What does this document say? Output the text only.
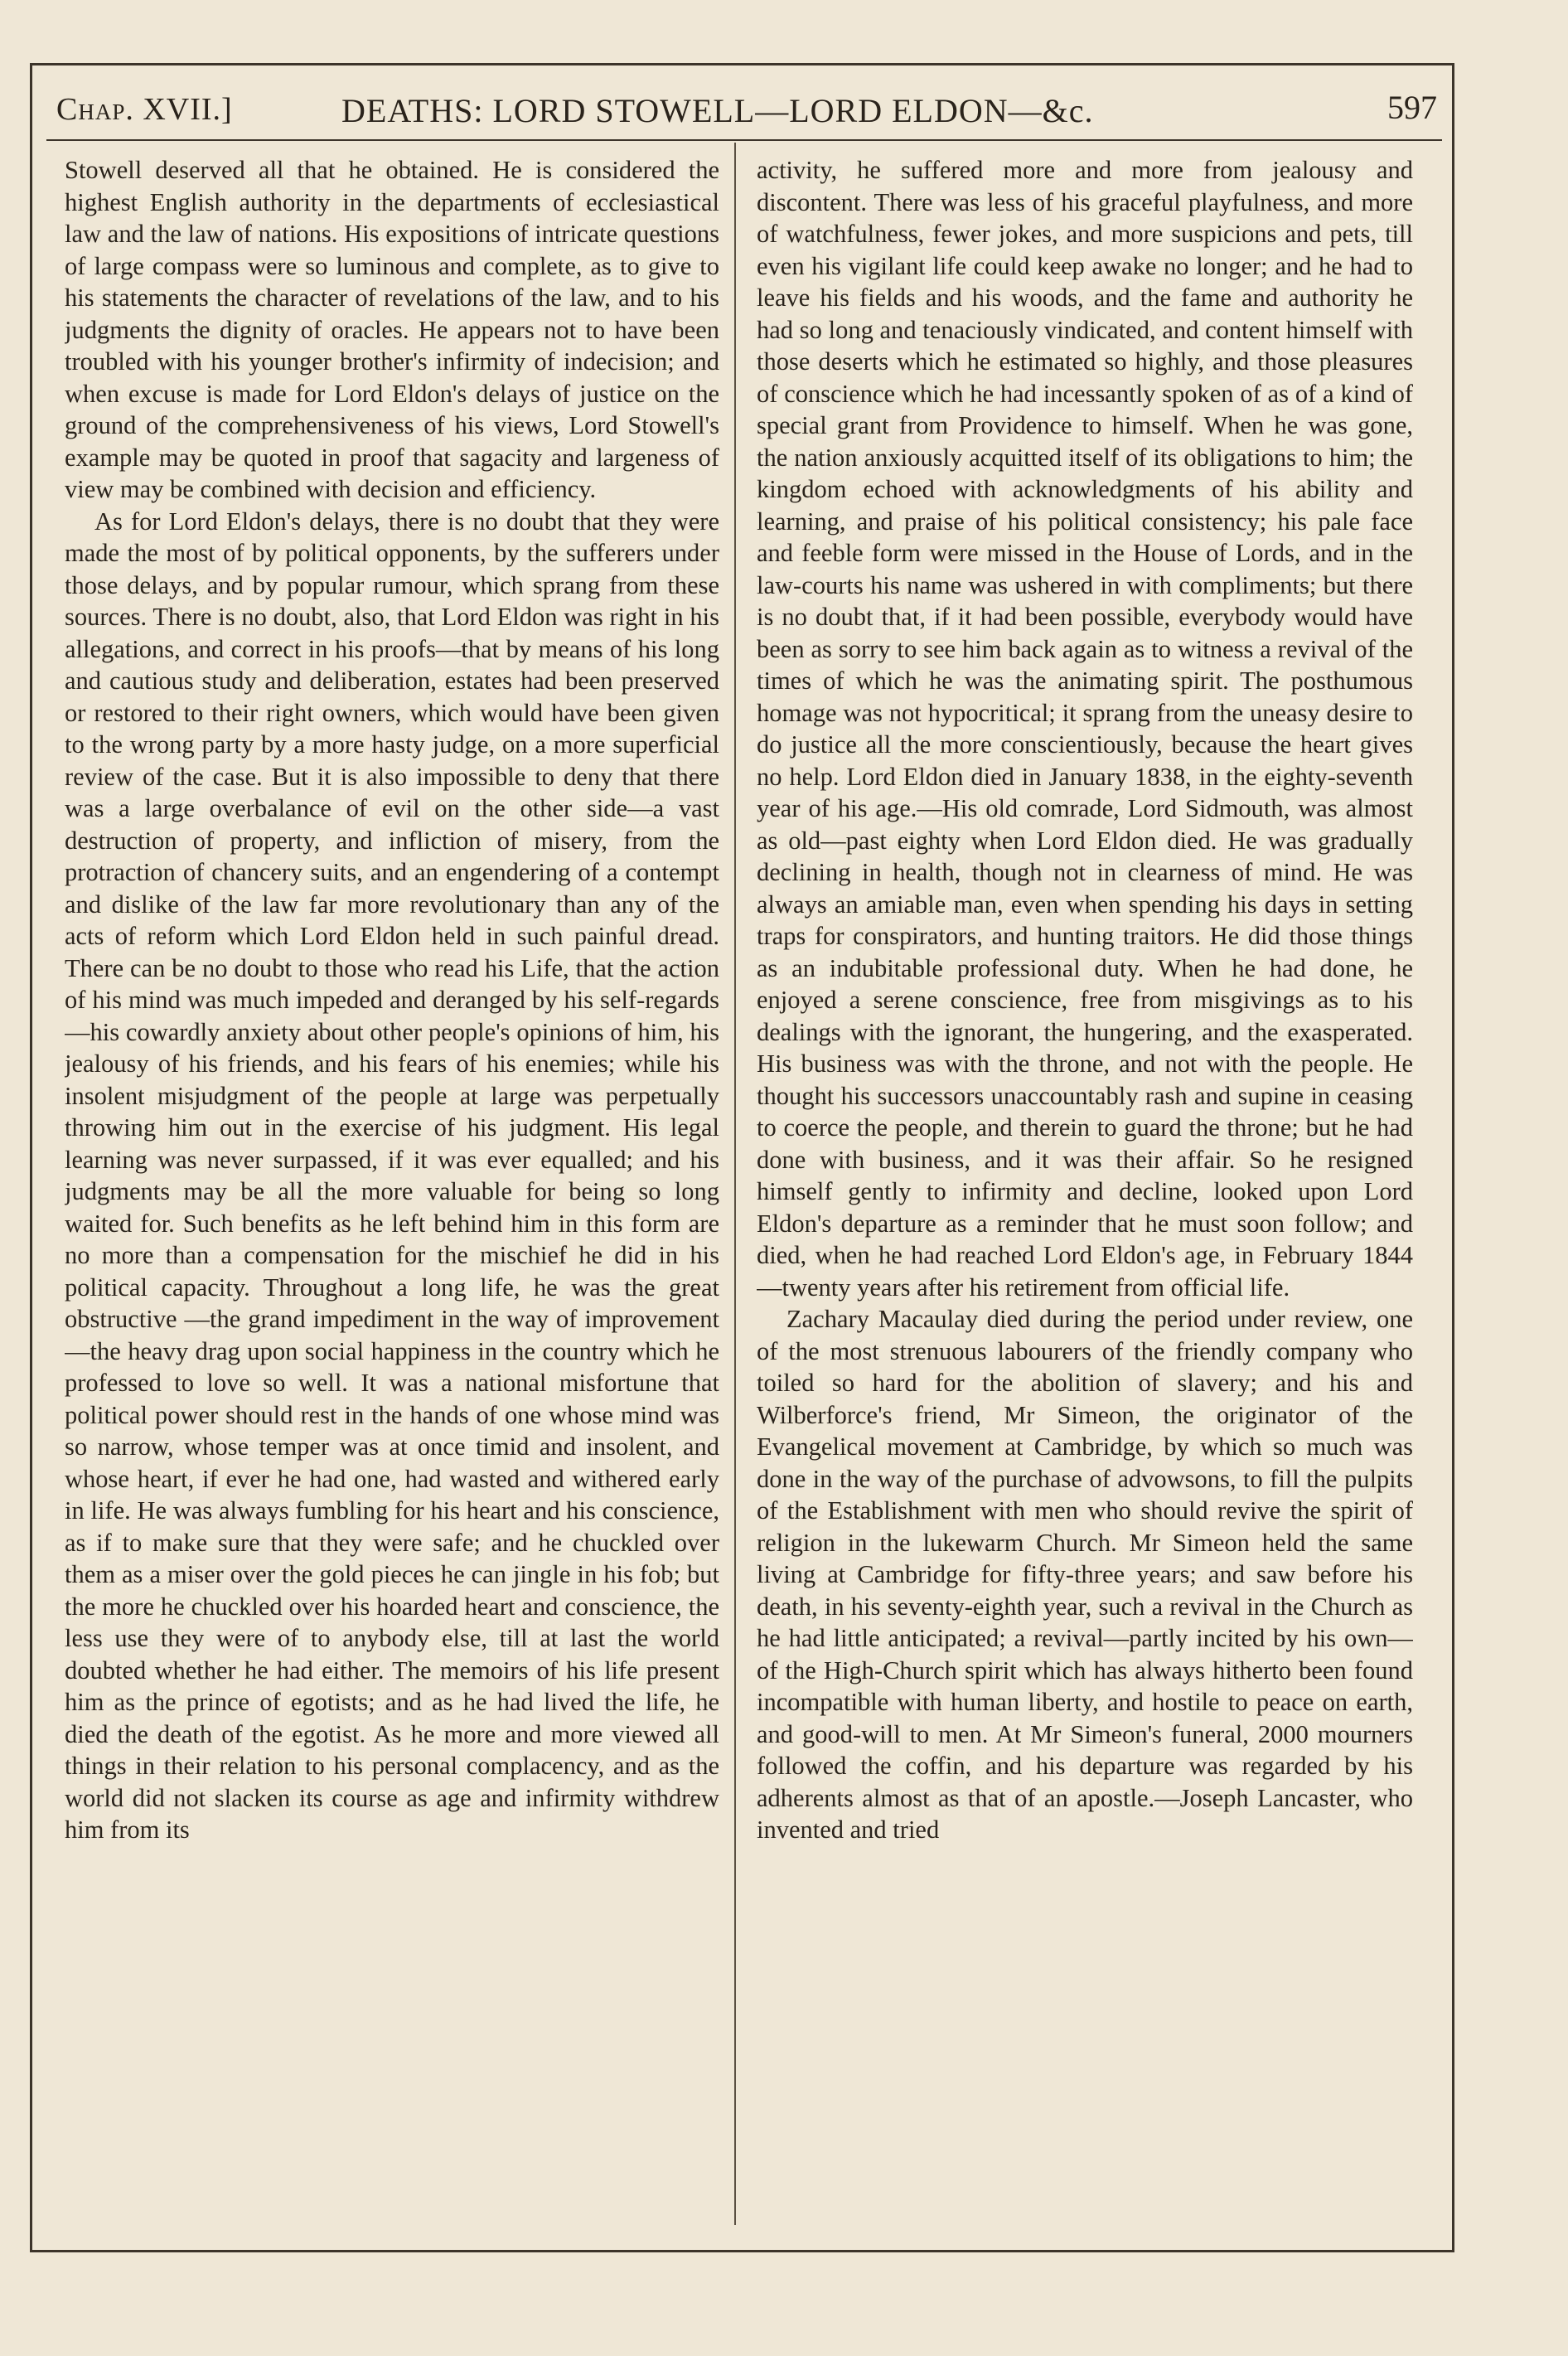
Chap. XVII.]	DEATHS: LORD STOWELL—LORD ELDON—&c.	597

Stowell deserved all that he obtained. He is considered the highest English authority in the departments of ecclesiastical law and the law of nations. His expositions of intricate questions of large compass were so luminous and complete, as to give to his statements the character of revelations of the law, and to his judgments the dignity of oracles. He appears not to have been troubled with his younger brother's infirmity of indecision; and when excuse is made for Lord Eldon's delays of justice on the ground of the comprehensiveness of his views, Lord Stowell's example may be quoted in proof that sagacity and largeness of view may be combined with decision and efficiency.

As for Lord Eldon's delays, there is no doubt that they were made the most of by political opponents, by the sufferers under those delays, and by popular rumour, which sprang from these sources. There is no doubt, also, that Lord Eldon was right in his allegations, and correct in his proofs—that by means of his long and cautious study and deliberation, estates had been preserved or restored to their right owners, which would have been given to the wrong party by a more hasty judge, on a more superficial review of the case. But it is also impossible to deny that there was a large overbalance of evil on the other side—a vast destruction of property, and infliction of misery, from the protraction of chancery suits, and an engendering of a contempt and dislike of the law far more revolutionary than any of the acts of reform which Lord Eldon held in such painful dread. There can be no doubt to those who read his Life, that the action of his mind was much impeded and deranged by his self-regards—his cowardly anxiety about other people's opinions of him, his jealousy of his friends, and his fears of his enemies; while his insolent misjudgment of the people at large was perpetually throwing him out in the exercise of his judgment. His legal learning was never surpassed, if it was ever equalled; and his judgments may be all the more valuable for being so long waited for. Such benefits as he left behind him in this form are no more than a compensation for the mischief he did in his political capacity. Throughout a long life, he was the great obstructive —the grand impediment in the way of improvement —the heavy drag upon social happiness in the country which he professed to love so well. It was a national misfortune that political power should rest in the hands of one whose mind was so narrow, whose temper was at once timid and insolent, and whose heart, if ever he had one, had wasted and withered early in life. He was always fumbling for his heart and his conscience, as if to make sure that they were safe; and he chuckled over them as a miser over the gold pieces he can jingle in his fob; but the more he chuckled over his hoarded heart and conscience, the less use they were of to anybody else, till at last the world doubted whether he had either. The memoirs of his life present him as the prince of egotists; and as he had lived the life, he died the death of the egotist. As he more and more viewed all things in their relation to his personal complacency, and as the world did not slacken its course as age and infirmity withdrew him from its

activity, he suffered more and more from jealousy and discontent. There was less of his graceful playfulness, and more of watchfulness, fewer jokes, and more suspicions and pets, till even his vigilant life could keep awake no longer; and he had to leave his fields and his woods, and the fame and authority he had so long and tenaciously vindicated, and content himself with those deserts which he estimated so highly, and those pleasures of conscience which he had incessantly spoken of as of a kind of special grant from Providence to himself. When he was gone, the nation anxiously acquitted itself of its obligations to him; the kingdom echoed with acknowledgments of his ability and learning, and praise of his political consistency; his pale face and feeble form were missed in the House of Lords, and in the law-courts his name was ushered in with compliments; but there is no doubt that, if it had been possible, everybody would have been as sorry to see him back again as to witness a revival of the times of which he was the animating spirit. The posthumous homage was not hypocritical; it sprang from the uneasy desire to do justice all the more conscientiously, because the heart gives no help. Lord Eldon died in January 1838, in the eighty-seventh year of his age.—His old comrade, Lord Sidmouth, was almost as old—past eighty when Lord Eldon died. He was gradually declining in health, though not in clearness of mind. He was always an amiable man, even when spending his days in setting traps for conspirators, and hunting traitors. He did those things as an indubitable professional duty. When he had done, he enjoyed a serene conscience, free from misgivings as to his dealings with the ignorant, the hungering, and the exasperated. His business was with the throne, and not with the people. He thought his successors unaccountably rash and supine in ceasing to coerce the people, and therein to guard the throne; but he had done with business, and it was their affair. So he resigned himself gently to infirmity and decline, looked upon Lord Eldon's departure as a reminder that he must soon follow; and died, when he had reached Lord Eldon's age, in February 1844—twenty years after his retirement from official life.

Zachary Macaulay died during the period under review, one of the most strenuous labourers of the friendly company who toiled so hard for the abolition of slavery; and his and Wilberforce's friend, Mr Simeon, the originator of the Evangelical movement at Cambridge, by which so much was done in the way of the purchase of advowsons, to fill the pulpits of the Establishment with men who should revive the spirit of religion in the lukewarm Church. Mr Simeon held the same living at Cambridge for fifty-three years; and saw before his death, in his seventy-eighth year, such a revival in the Church as he had little anticipated; a revival—partly incited by his own—of the High-Church spirit which has always hitherto been found incompatible with human liberty, and hostile to peace on earth, and good-will to men. At Mr Simeon's funeral, 2000 mourners followed the coffin, and his departure was regarded by his adherents almost as that of an apostle.—Joseph Lancaster, who invented and tried
